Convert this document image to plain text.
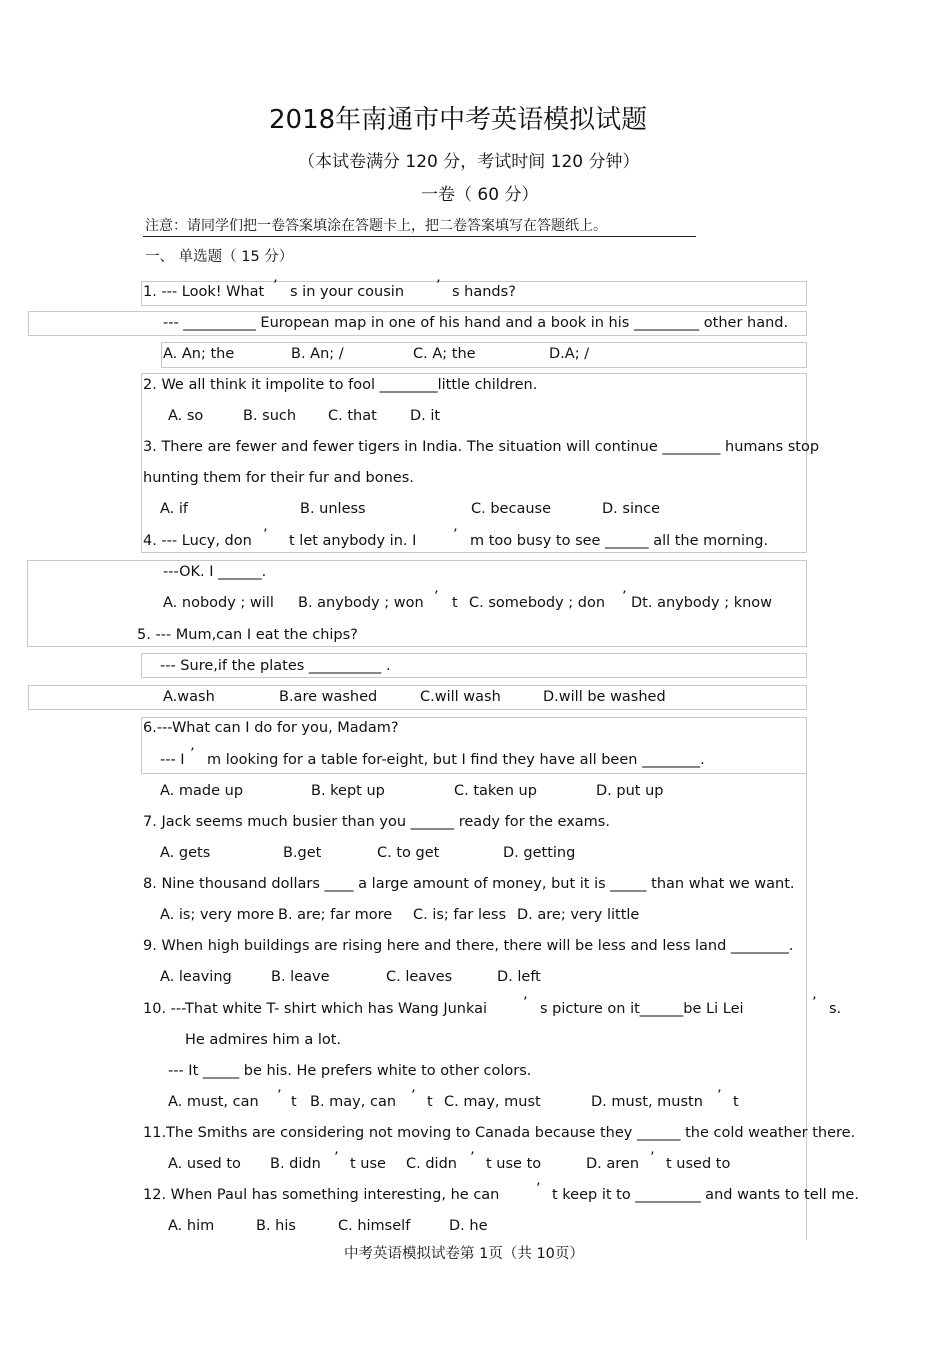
2018年南通市中考英语模拟试题
（本试卷满分 120 分，考试时间 120 分钟）
一卷（ 60 分）
注意：请同学们把一卷答案填涂在答题卡上，把二卷答案填写在答题纸上。
一、 单选题（ 15 分）
1. --- Look! What ’ s in your cousin ’ s hands?
--- __________ European map in one of his hand and a book in his _________ other hand.
A. An; the	B. An; /	C. A; the	D.A; /
2. We all think it impolite to fool ________little children.
A. so	B. such C. that D. it
3. There are fewer and fewer tigers in India. The situation will continue ________ humans stop
hunting them for their fur and bones.
A. if	B. unless	C. because	D. since
4. --- Lucy, don ’ t let anybody in. I	’ m too busy to see ______ all the morning.
---OK. I ______.
A. nobody ; will B. anybody ; won ’ t C. somebody ; don ’ Dt. anybody ; know
5. --- Mum,can I eat the chips?
--- Sure,if the plates __________ .
A.wash	B.are washed	C.will wash	D.will be washed
6.---What can I do for you, Madam?
--- I ’ m looking for a table for-eight, but I find they have all been ________.
A. made up	B. kept up	C. taken up	D. put up
7. Jack seems much busier than you ______ ready for the exams.
A. gets	B.get	C. to get	D. getting
8. Nine thousand dollars ____ a large amount of money, but it is _____ than what we want.
A. is; very more B. are; far more C. is; far less D. are; very little
9. When high buildings are rising here and there, there will be less and less land ________.
A. leaving	B. leave	C. leaves	D. left
10. ---That white T- shirt which has Wang Junkai ’ s picture on it______be Li Lei	’ s.
He admires him a lot.
--- It _____ be his. He prefers white to other colors.
A. must, can ’ t B. may, can ’ t C. may, must	D. must, mustn ’ t
11.The Smiths are considering not moving to Canada because they ______ the cold weather there.
A. used to B. didn ’ t use C. didn ’ t use to	D. aren ’ t used to
12. When Paul has something interesting, he can	’ t keep it to _________ and wants to tell me.
A. him	B. his	C. himself	D. he
中考英语模拟试卷第 1页（共 10页）
